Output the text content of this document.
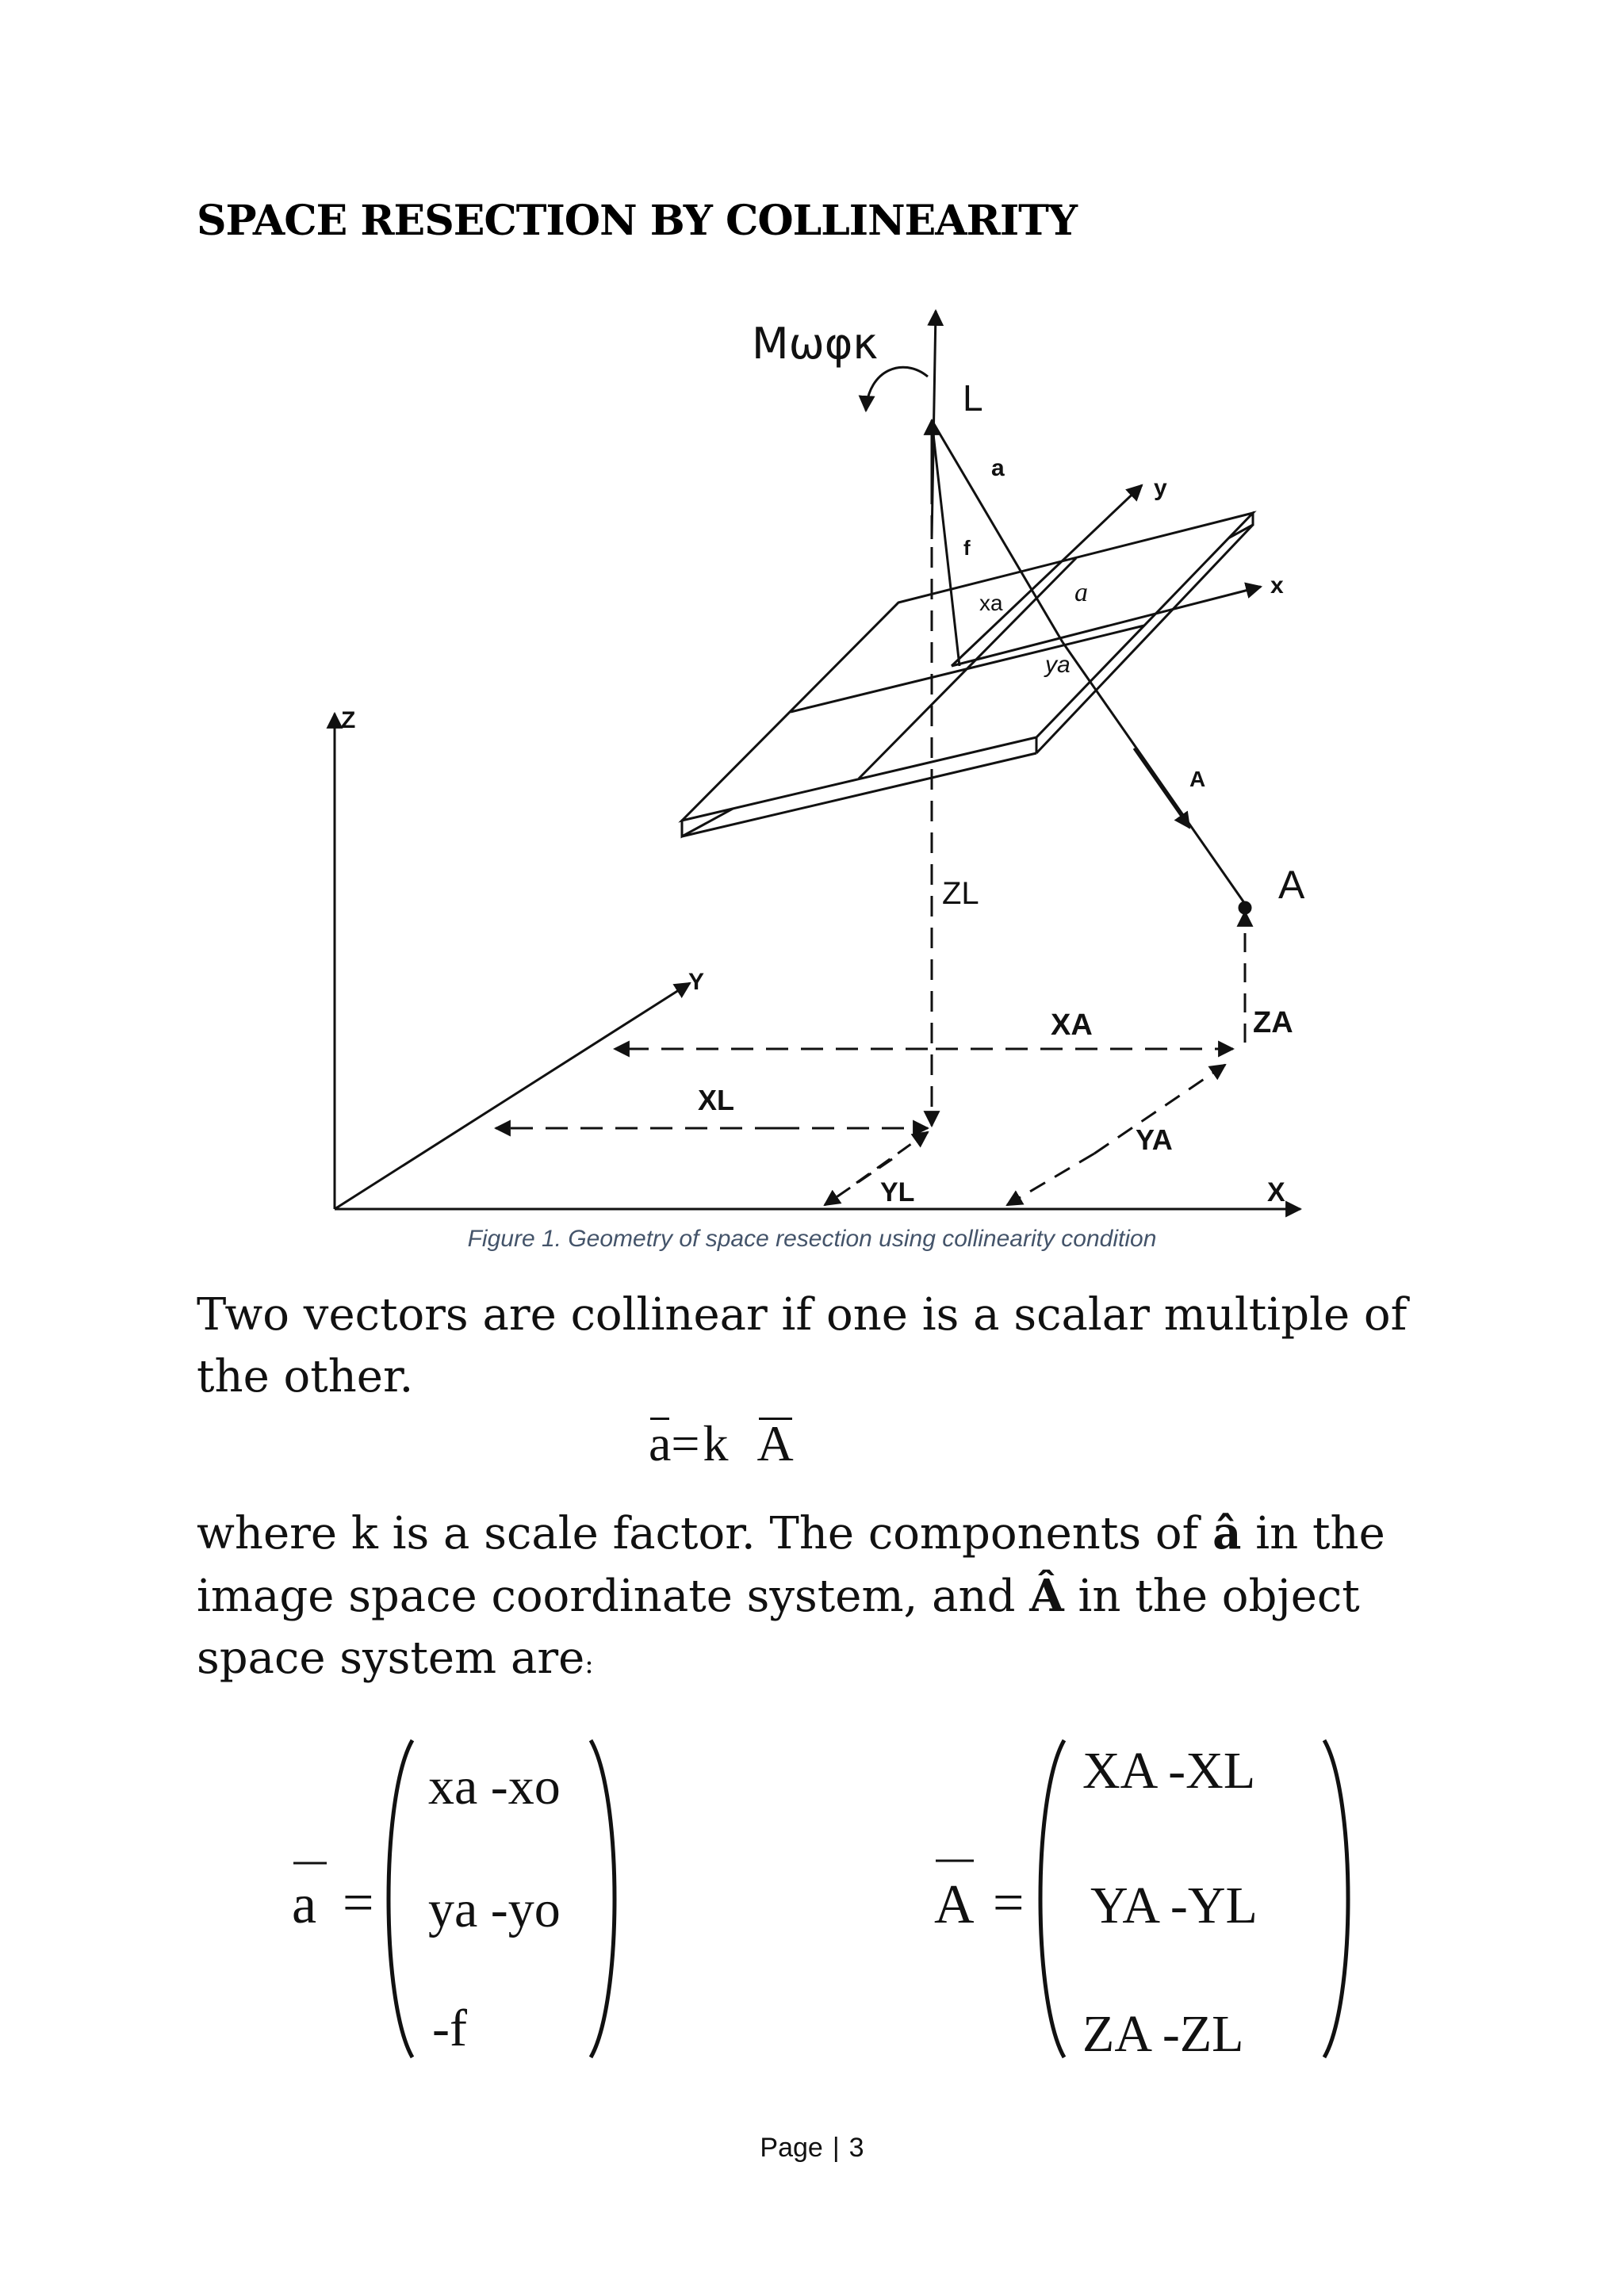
SPACE RESECTION BY COLLINEARITY
Mωφκ
L
a
f
y
x
a
xa
ya
A
A
Z
Y
X
ZL
XL
YL
XA
YA
ZA
Figure 1. Geometry of space resection using collinearity condition
Two vectors are collinear if one is a scalar multiple of the other.
a=k A
where k is a scale factor. The components of â in the image space coordinate system, and Â in the object space system are:
a =
xa -xo
ya -yo
-f
A =
XA -XL
YA -YL
ZA -ZL
Page | 3
